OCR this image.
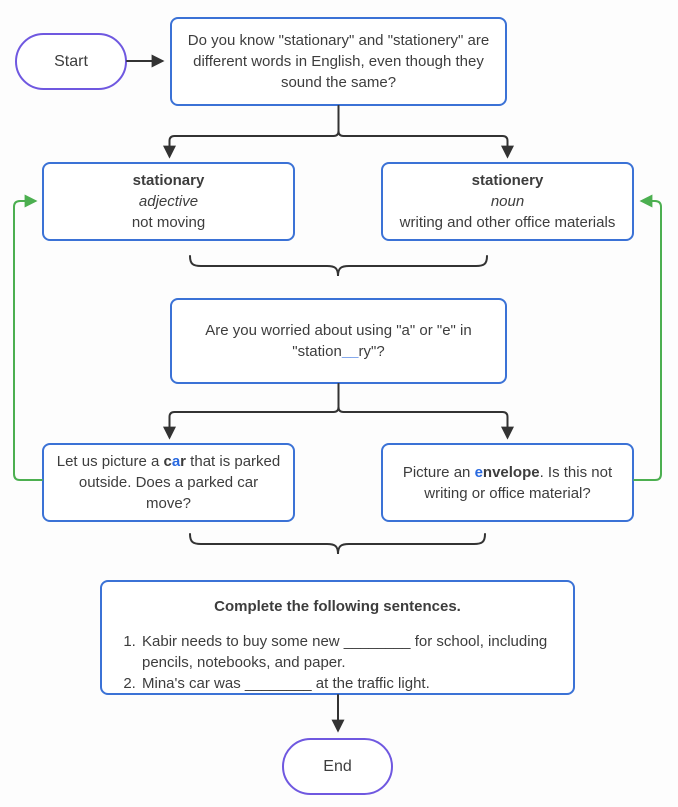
Start
Do you know "stationary" and "stationery" are
different words in English, even though they
sound the same?
stationary
adjective
not moving
stationery
noun
writing and other office materials
Are you worried about using "a" or "e" in
"station__ry"?
Let us picture a car that is parked
outside. Does a parked car
move?
Picture an envelope. Is this not
writing or office material?
Complete the following sentences.
1. Kabir needs to buy some new ________ for school, including pencils, notebooks, and paper.
2. Mina's car was ________ at the traffic light.
End
